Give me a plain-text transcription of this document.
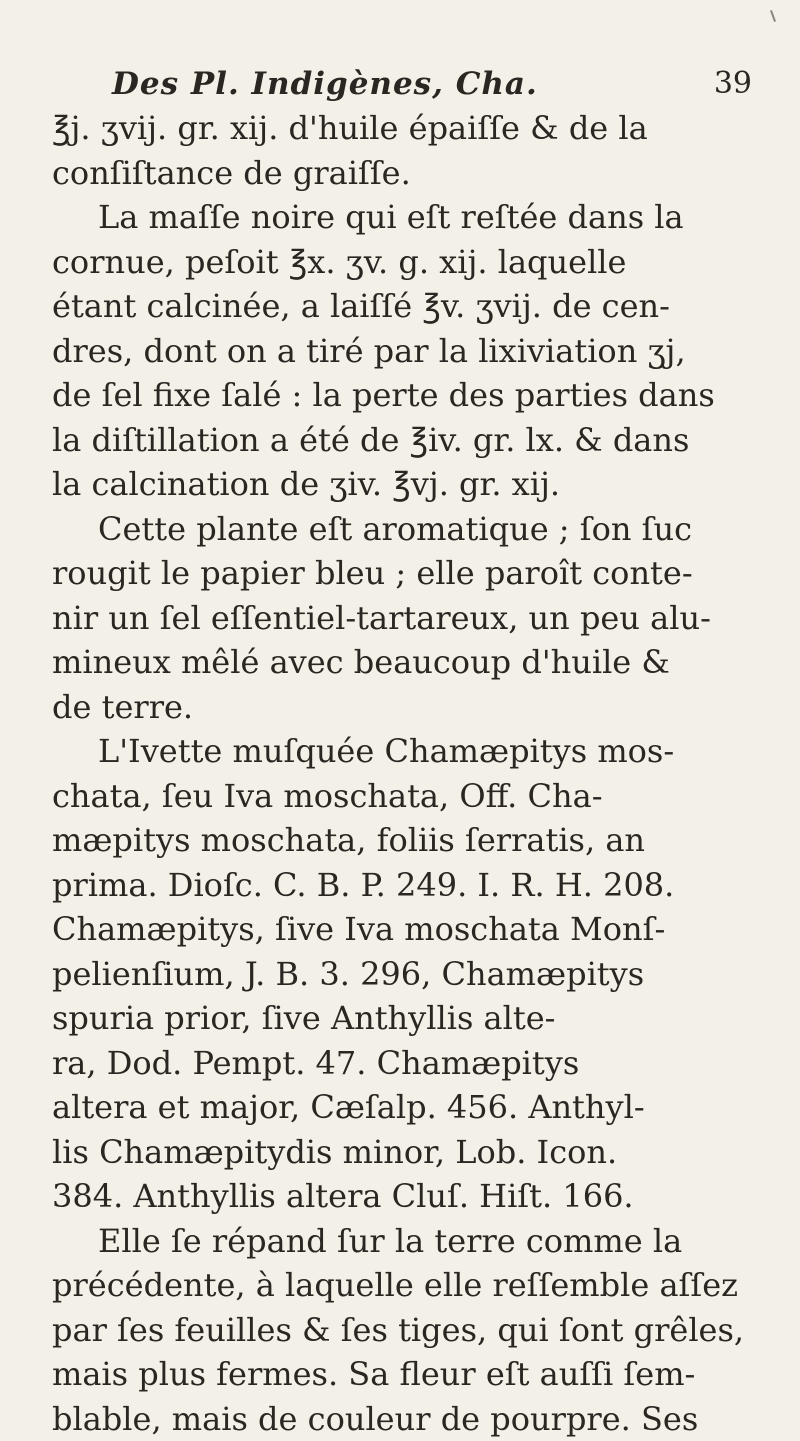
Des Pl. Indigènes, Cha.	39
℥j. ʒvij. gr. xij. d'huile épaiſſe & de la
conſiſtance de graiſſe.
La maſſe noire qui eſt reſtée dans la
cornue, peſoit ℥x. ʒv. g. xij. laquelle
étant calcinée, a laiſſé ℥v. ʒvij. de cen-
dres, dont on a tiré par la lixiviation ʒj,
de ſel fixe ſalé : la perte des parties dans
la diſtillation a été de ℥iv. gr. lx. & dans
la calcination de ʒiv. ℥vj. gr. xij.
Cette plante eſt aromatique ; ſon ſuc
rougit le papier bleu ; elle paroît conte-
nir un ſel eſſentiel-tartareux, un peu alu-
mineux mêlé avec beaucoup d'huile &
de terre.
L'Ivette muſquée Chamæpitys mos-
chata, ſeu Iva moschata, Off. Cha-
mæpitys moschata, foliis ſerratis, an
prima. Dioſc. C. B. P. 249. I. R. H. 208.
Chamæpitys, ſive Iva moschata Monſ-
pelienſium, J. B. 3. 296, Chamæpitys
spuria prior, ſive Anthyllis alte-
ra, Dod. Pempt. 47. Chamæpitys
altera et major, Cæſalp. 456. Anthyl-
lis Chamæpitydis minor, Lob. Icon.
384. Anthyllis altera Cluſ. Hiſt. 166.
Elle ſe répand ſur la terre comme la
précédente, à laquelle elle reſſemble aſſez
par ſes feuilles & ſes tiges, qui ſont grêles,
mais plus fermes. Sa fleur eſt auſſi ſem-
blable, mais de couleur de pourpre. Ses
